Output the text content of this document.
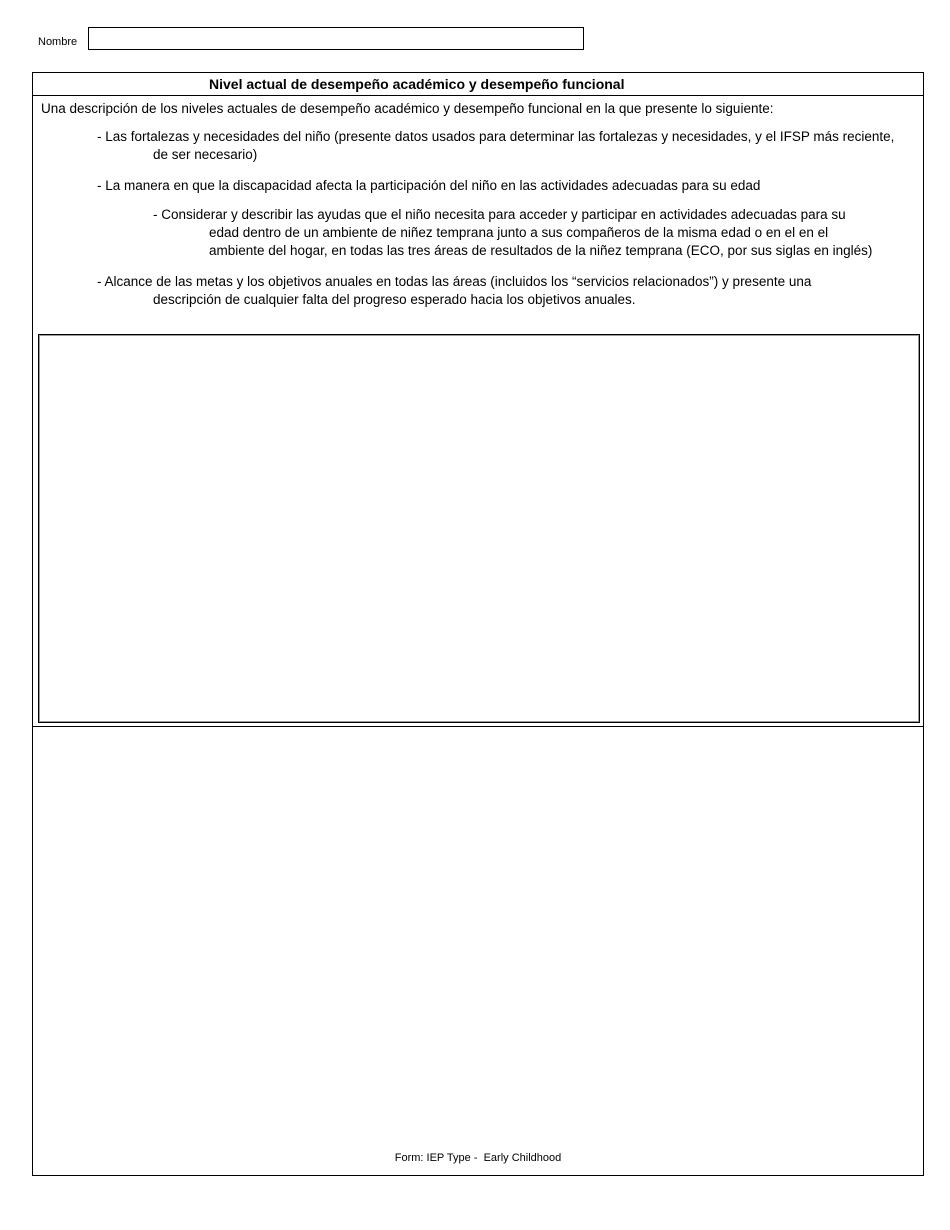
Nombre
Nivel actual de desempeño académico y desempeño funcional
Una descripción de los niveles actuales de desempeño académico y desempeño funcional en la que presente lo siguiente:
- Las fortalezas y necesidades del niño (presente datos usados para determinar las fortalezas y necesidades, y el IFSP más reciente,
de ser necesario)
- La manera en que la discapacidad afecta la participación del niño en las actividades adecuadas para su edad
- Considerar y describir las ayudas que el niño necesita para acceder y participar en actividades adecuadas para su
edad dentro de un ambiente de niñez temprana junto a sus compañeros de la misma edad o en el en el
ambiente del hogar, en todas las tres áreas de resultados de la niñez temprana (ECO, por sus siglas en inglés)
- Alcance de las metas y los objetivos anuales en todas las áreas (incluidos los “servicios relacionados”) y presente una
descripción de cualquier falta del progreso esperado hacia los objetivos anuales.
Form: IEP Type -  Early Childhood
